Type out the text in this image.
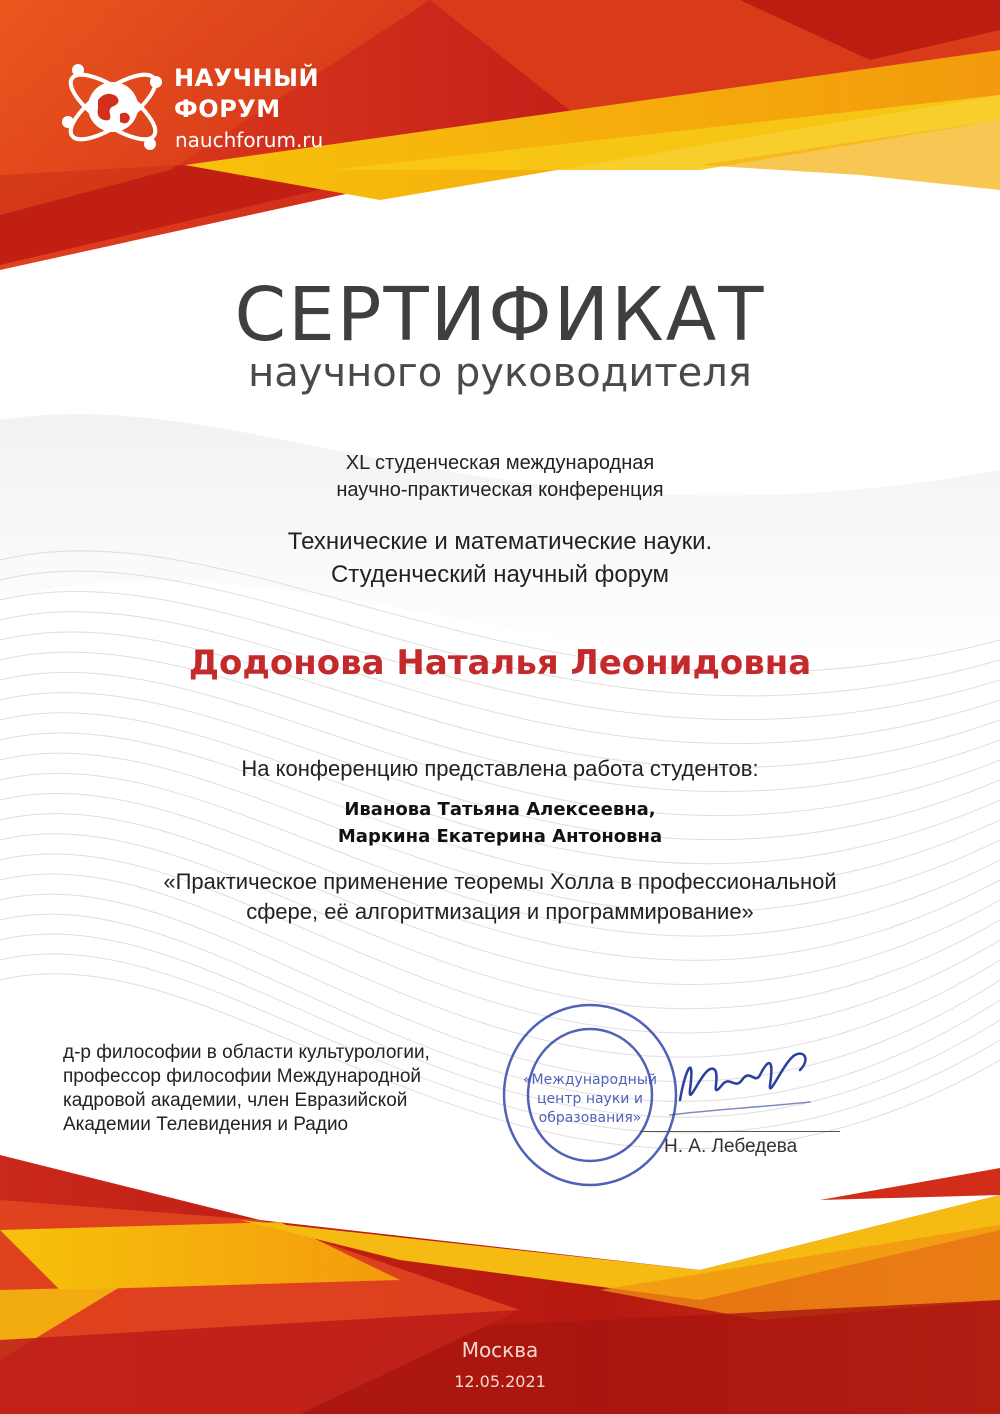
НАУЧНЫЙ
ФОРУМ
nauchforum.ru
СЕРТИФИКАТ
научного руководителя
XL студенческая международная
научно-практическая конференция
Технические и математические науки.
Студенческий научный форум
Додонова Наталья Леонидовна
На конференцию представлена работа студентов:
Иванова Татьяна Алексеевна,
Маркина Екатерина Антоновна
«Практическое применение теоремы Холла в профессиональной
сфере, её алгоритмизация и программирование»
д-р философии в области культурологии,
профессор философии Международной
кадровой академии, член Евразийской
Академии Телевидения и Радио
«Международный
центр науки и
образования»
Н. А. Лебедева
Москва
12.05.2021
